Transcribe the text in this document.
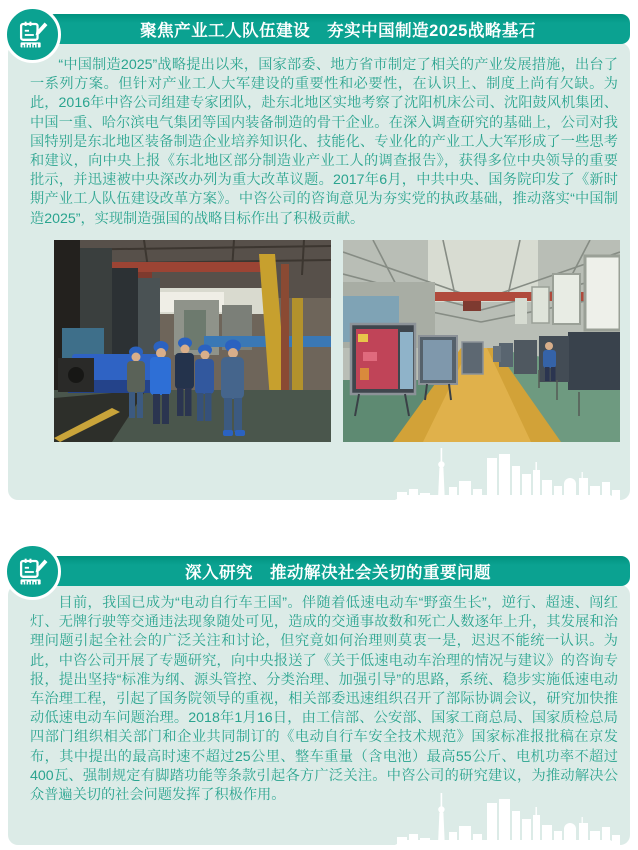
聚焦产业工人队伍建设　夯实中国制造2025战略基石

“中国制造2025”战略提出以来，国家部委、地方省市制定了相关的产业发展措施，出台了一系列方案。但针对产业工人大军建设的重要性和必要性，在认识上、制度上尚有欠缺。为此，2016年中咨公司组建专家团队，赴东北地区实地考察了沈阳机床公司、沈阳鼓风机集团、中国一重、哈尔滨电气集团等国内装备制造的骨干企业。在深入调查研究的基础上，公司对我国特别是东北地区装备制造企业培养知识化、技能化、专业化的产业工人大军形成了一些思考和建议，向中央上报《东北地区部分制造业产业工人的调查报告》，获得多位中央领导的重要批示，并迅速被中央深改办列为重大改革议题。2017年6月，中共中央、国务院印发了《新时期产业工人队伍建设改革方案》。中咨公司的咨询意见为夯实党的执政基础，推动落实“中国制造2025”，实现制造强国的战略目标作出了积极贡献。

深入研究　推动解决社会关切的重要问题

目前，我国已成为“电动自行车王国”。伴随着低速电动车“野蛮生长”，逆行、超速、闯红灯、无牌行驶等交通违法现象随处可见，造成的交通事故数和死亡人数逐年上升，其发展和治理问题引起全社会的广泛关注和讨论，但究竟如何治理则莫衷一是，迟迟不能统一认识。为此，中咨公司开展了专题研究，向中央报送了《关于低速电动车治理的情况与建议》的咨询专报，提出坚持“标准为纲、源头管控、分类治理、加强引导”的思路，系统、稳步实施低速电动车治理工程，引起了国务院领导的重视，相关部委迅速组织召开了部际协调会议，研究加快推动低速电动车问题治理。2018年1月16日，由工信部、公安部、国家工商总局、国家质检总局四部门组织相关部门和企业共同制订的《电动自行车安全技术规范》国家标准报批稿在京发布，其中提出的最高时速不超过25公里、整车重量（含电池）最高55公斤、电机功率不超过400瓦、强制规定有脚踏功能等条款引起各方广泛关注。中咨公司的研究建议，为推动解决公众普遍关切的社会问题发挥了积极作用。
